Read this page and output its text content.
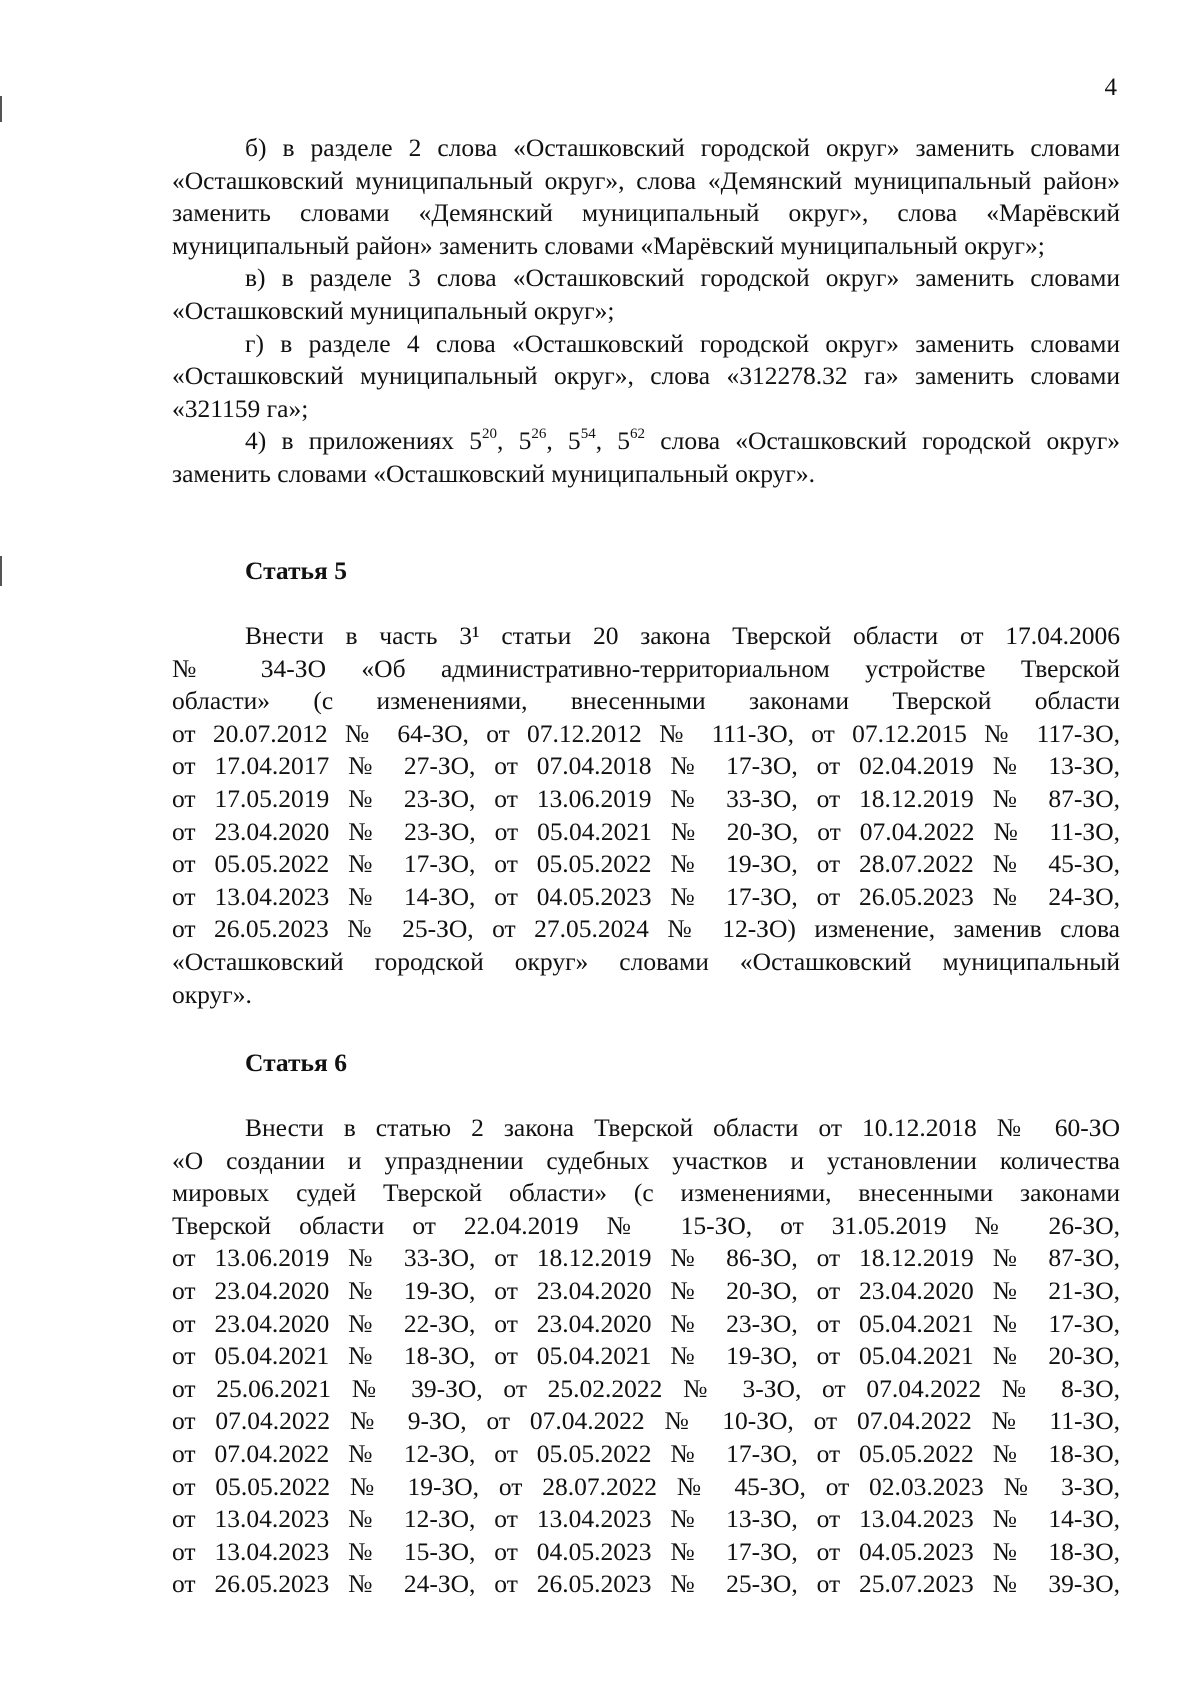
4

б) в разделе 2 слова «Осташковский городской округ» заменить словами «Осташковский муниципальный округ», слова «Демянский муниципальный район» заменить словами «Демянский муниципальный округ», слова «Марёвский муниципальный район» заменить словами «Марёвский муниципальный округ»;

в) в разделе 3 слова «Осташковский городской округ» заменить словами «Осташковский муниципальный округ»;

г) в разделе 4 слова «Осташковский городской округ» заменить словами «Осташковский муниципальный округ», слова «312278.32 га» заменить словами «321159 га»;

4) в приложениях $5^{20}$, $5^{26}$, $5^{54}$, $5^{62}$ слова «Осташковский городской округ» заменить словами «Осташковский муниципальный округ».

Статья 5
Внести в часть 3¹ статьи 20 закона Тверской области от 17.04.2006
№ 34-ЗО «Об административно-территориальном устройстве Тверской
области» (с изменениями, внесенными законами Тверской области
от 20.07.2012 № 64-ЗО, от 07.12.2012 № 111-ЗО, от 07.12.2015 № 117-ЗО,
от 17.04.2017 № 27-ЗО, от 07.04.2018 № 17-ЗО, от 02.04.2019 № 13-ЗО,
от 17.05.2019 № 23-ЗО, от 13.06.2019 № 33-ЗО, от 18.12.2019 № 87-ЗО,
от 23.04.2020 № 23-ЗО, от 05.04.2021 № 20-ЗО, от 07.04.2022 № 11-ЗО,
от 05.05.2022 № 17-ЗО, от 05.05.2022 № 19-ЗО, от 28.07.2022 № 45-ЗО,
от 13.04.2023 № 14-ЗО, от 04.05.2023 № 17-ЗО, от 26.05.2023 № 24-ЗО,
от 26.05.2023 № 25-ЗО, от 27.05.2024 № 12-ЗО) изменение, заменив слова
«Осташковский городской округ» словами «Осташковский муниципальный
округ».
Статья 6
Внести в статью 2 закона Тверской области от 10.12.2018 № 60-ЗО
«О создании и упразднении судебных участков и установлении количества
мировых судей Тверской области» (с изменениями, внесенными законами
Тверской области от 22.04.2019 № 15-ЗО, от 31.05.2019 № 26-ЗО,
от 13.06.2019 № 33-ЗО, от 18.12.2019 № 86-ЗО, от 18.12.2019 № 87-ЗО,
от 23.04.2020 № 19-ЗО, от 23.04.2020 № 20-ЗО, от 23.04.2020 № 21-ЗО,
от 23.04.2020 № 22-ЗО, от 23.04.2020 № 23-ЗО, от 05.04.2021 № 17-ЗО,
от 05.04.2021 № 18-ЗО, от 05.04.2021 № 19-ЗО, от 05.04.2021 № 20-ЗО,
от 25.06.2021 № 39-ЗО, от 25.02.2022 № 3-ЗО, от 07.04.2022 № 8-ЗО,
от 07.04.2022 № 9-ЗО, от 07.04.2022 № 10-ЗО, от 07.04.2022 № 11-ЗО,
от 07.04.2022 № 12-ЗО, от 05.05.2022 № 17-ЗО, от 05.05.2022 № 18-ЗО,
от 05.05.2022 № 19-ЗО, от 28.07.2022 № 45-ЗО, от 02.03.2023 № 3-ЗО,
от 13.04.2023 № 12-ЗО, от 13.04.2023 № 13-ЗО, от 13.04.2023 № 14-ЗО,
от 13.04.2023 № 15-ЗО, от 04.05.2023 № 17-ЗО, от 04.05.2023 № 18-ЗО,
от 26.05.2023 № 24-ЗО, от 26.05.2023 № 25-ЗО, от 25.07.2023 № 39-ЗО,
